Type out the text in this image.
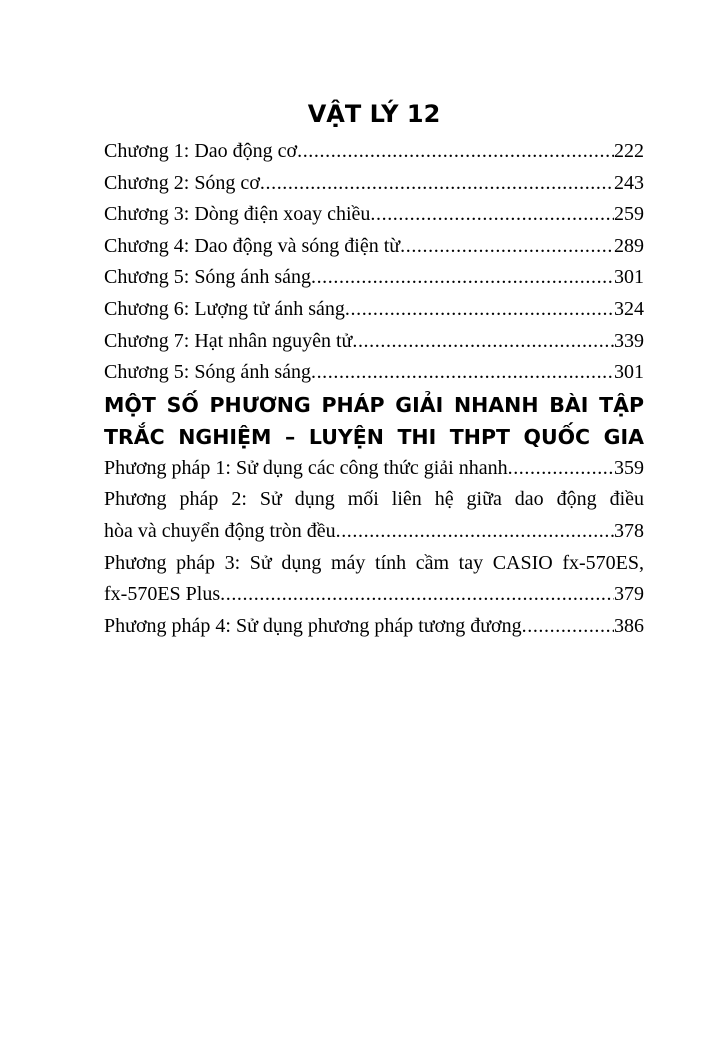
VẬT LÝ 12
Chương 1: Dao động cơ .....	222
Chương 2: Sóng cơ .....	243
Chương 3: Dòng điện xoay chiều .....	259
Chương 4: Dao động và sóng điện từ .....	289
Chương 5: Sóng ánh sáng .....	301
Chương 6: Lượng tử ánh sáng .....	324
Chương 7: Hạt nhân nguyên tử .....	339
Chương 5: Sóng ánh sáng .....	301
MỘT SỐ PHƯƠNG PHÁP GIẢI NHANH BÀI TẬP
TRẮC NGHIỆM – LUYỆN THI THPT QUỐC GIA
Phương pháp 1: Sử dụng các công thức giải nhanh .....	359
Phương pháp 2: Sử dụng mối liên hệ giữa dao động điều
hòa và chuyển động tròn đều .....	378
Phương pháp 3: Sử dụng máy tính cầm tay CASIO fx-570ES,
fx-570ES Plus .....	379
Phương pháp 4: Sử dụng phương pháp tương đương .....	386
